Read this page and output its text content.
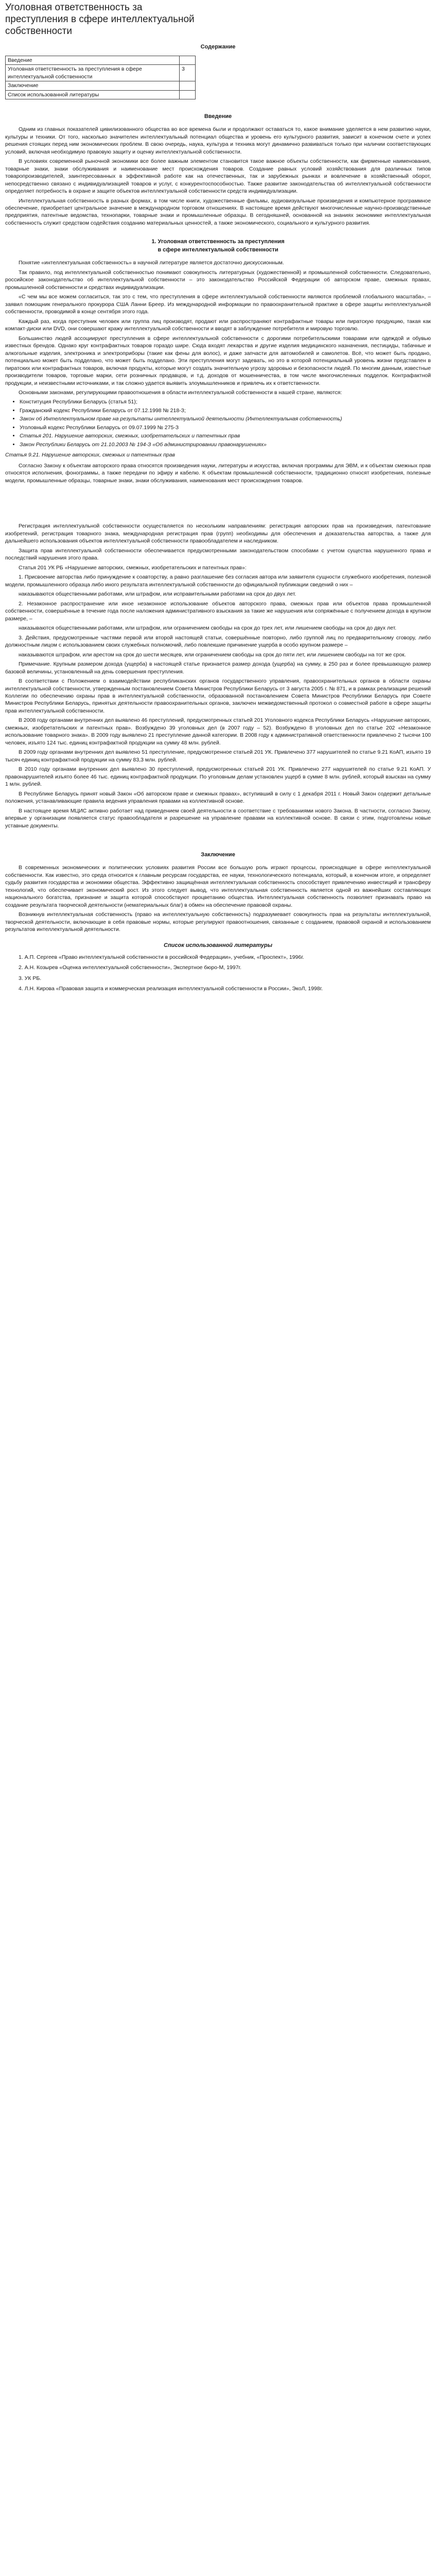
Уголовная ответственность за преступления в сфере интеллектуальной собственности
Содержание
Введение	
Уголовная ответственность за преступления в сфере интеллектуальной собственности	3
Заключение	
Список использованной литературы	
Введение

Одним из главных показателей цивилизованного общества во все времена были и продолжают оставаться то, какое внимание уделяется в нем развитию науки, культуры и техники. От того, насколько значителен интеллектуальный потенциал общества и уровень его культурного развития, зависит в конечном счете и успех решения стоящих перед ним экономических проблем. В свою очередь, наука, культура и техника могут динамично развиваться только при наличии соответствующих условий, включая необходимую правовую защиту и оценку интеллектуальной собственности.

В условиях современной рыночной экономики все более важным элементом становится такое важное объекты собственности, как фирменные наименования, товарные знаки, знаки обслуживания и наименование мест происхождения товаров. Создание равных условий хозяйствования для различных типов товаропроизводителей, заинтересованных в эффективной работе как на отечественных, так и зарубежных рынках и вовлечение в хозяйственный оборот, непосредственно связано с индивидуализацией товаров и услуг, с конкурентоспособностью. Также развитие законодательства об интеллектуальной собственности определяет потребность в охране и защите объектов интеллектуальной собственности средств индивидуализации.

Интеллектуальная собственность в разных формах, в том числе книги, художественные фильмы, аудиовизуальные произведения и компьютерное программное обеспечение, приобретает центральное значение в международном торговом отношениях. В настоящее время действуют многочисленные научно-производственные предприятия, патентные ведомства, технопарки, товарные знаки и промышленные образцы. В сегодняшней, основанной на знаниях экономике интеллектуальная собственность служит средством содействия созданию материальных ценностей, а также экономического, социального и культурного развития.

1. Уголовная ответственность за преступления
в сфере интеллектуальной собственности

Понятие «интеллектуальная собственность» в научной литературе является достаточно дискуссионным.

Так правило, под интеллектуальной собственностью понимают совокупность литературных (художественной) и промышленной собственности. Следовательно, российское законодательство об интеллектуальной собственности – это законодательство Российской Федерации об авторском праве, смежных правах, промышленной собственности и средствах индивидуализации.

«С чем мы все можем согласиться, так это с тем, что преступления в сфере интеллектуальной собственности являются проблемой глобального масштаба», – заявил помощник генерального прокурора США Ланни Бреер. Из международной информации по правоохранительной практике в сфере защиты интеллектуальной собственности, проводимой в конце сентября этого года.

Каждый раз, когда преступник человек или группа лиц производят, продают или распространяют контрафактные товары или пиратскую продукцию, такая как компакт-диски или DVD, они совершают кражу интеллектуальной собственности и вводят в заблуждение потребителя и мировую торговлю.

Большинство людей ассоциируют преступления в сфере интеллектуальной собственности с дорогими потребительскими товарами или одеждой и обувью известных брендов. Однако круг контрафактных товаров гораздо шире. Сюда входят лекарства и другие изделия медицинского назначения, пестициды, табачные и алкогольные изделия, электроника и электроприборы (такие как фены для волос), и даже запчасти для автомобилей и самолетов. Всё, что может быть продано, потенциально может быть подделано, что может быть подделано. Эти преступления могут задевать, но это в которой потенциальный уровень жизни представлен в пиратских или контрафактных товаров, включая продукты, которые могут создать значительную угрозу здоровью и безопасности людей. По многим данным, известные производители товаров, торговые марки, сети розничных продавцов, и т.д. доходов от мошенничества, в том числе многочисленных подделок. Контрафактной продукции, и неизвестными источниками, и так сложно удается выявить злоумышленников и привлечь их к ответственности.

Основными законами, регулирующими правоотношения в области интеллектуальной собственности в нашей стране, являются:

• Конституция Республики Беларусь (статья 51);
• Гражданский кодекс Республики Беларусь от 07.12.1998 № 218-З;
• Закон об Интеллектуальном праве на результаты интеллектуальной деятельности (Интеллектуальная собственность)
• Уголовный кодекс Республики Беларусь от 09.07.1999 № 275-З
• Статья 201. Нарушение авторских, смежных, изобретательских и патентных прав
• Закон Республики Беларусь от 21.10.2003 № 194-З «Об администрировании правонарушениях»
Статья 9.21. Нарушение авторских, смежных и патентных прав

Согласно Закону к объектам авторского права относятся произведения науки, литературы и искусства, включая программы для ЭВМ, и к объектам смежных прав относятся исполнения, фонограммы, а также передачи по эфиру и кабелю. К объектам промышленной собственности, традиционно относят изобретения, полезные модели, промышленные образцы, товарные знаки, знаки обслуживания, наименования мест происхождения товаров.

Регистрация интеллектуальной собственности осуществляется по нескольким направлениям: регистрация авторских прав на произведения, патентование изобретений, регистрация товарного знака, международная регистрация прав (групп) необходимы для обеспечения и доказательства авторства, а также для дальнейшего использования объектов интеллектуальной собственности правообладателем и наследником.

Защита прав интеллектуальной собственности обеспечивается предусмотренными законодательством способами с учетом существа нарушенного права и последствий нарушения этого права.

Статья 201 УК РБ «Нарушение авторских, смежных, изобретательских и патентных прав»:

1. Присвоение авторства либо принуждение к соавторству, а равно разглашение без согласия автора или заявителя сущности служебного изобретения, полезной модели, промышленного образца либо иного результата интеллектуальной собственности до официальной публикации сведений о них –

наказываются общественными работами, или штрафом, или исправительными работами на срок до двух лет.

2. Незаконное распространение или иное незаконное использование объектов авторского права, смежных прав или объектов права промышленной собственности, совершённые в течение года после наложения административного взыскания за такие же нарушения или сопряжённые с получением дохода в крупном размере, –

наказываются общественными работами, или штрафом, или ограничением свободы на срок до трех лет, или лишением свободы на срок до двух лет.

3. Действия, предусмотренные частями первой или второй настоящей статьи, совершённые повторно, либо группой лиц по предварительному сговору, либо должностным лицом с использованием своих служебных полномочий, либо повлекшие причинение ущерба в особо крупном размере –

наказываются штрафом, или арестом на срок до шести месяцев, или ограничением свободы на срок до пяти лет, или лишением свободы на тот же срок.

Примечание. Крупным размером дохода (ущерба) в настоящей статье признается размер дохода (ущерба) на сумму, в 250 раз и более превышающую размер базовой величины, установленный на день совершения преступления.

В соответствии с Положением о взаимодействии республиканских органов государственного управления, правоохранительных органов в области охраны интеллектуальной собственности, утвержденным постановлением Совета Министров Республики Беларусь от 3 августа 2005 г. № 871, и в рамках реализации решений Коллегии по обеспечению охраны прав в интеллектуальной собственности, образованной постановлением Совета Министров Республики Беларусь при Совете Министров Республики Беларусь, принятых деятельности правоохранительных органов, заключен межведомственный протокол о совместной работе в сфере защиты прав интеллектуальной собственности.

В 2008 году органами внутренних дел выявлено 46 преступлений, предусмотренных статьей 201 Уголовного кодекса Республики Беларусь «Нарушение авторских, смежных, изобретательских и патентных прав». Возбуждено 39 уголовных дел (в 2007 году – 52). Возбуждено 8 уголовных дел по статье 202 «Незаконное использование товарного знака». В 2009 году выявлено 21 преступление данной категории. В 2008 году к административной ответственности привлечено 2 тысячи 100 человек, изъято 124 тыс. единиц контрафактной продукции на сумму 48 млн. рублей.

В 2009 году органами внутренних дел выявлено 51 преступление, предусмотренное статьей 201 УК. Привлечено 377 нарушителей по статье 9.21 КоАП, изъято 19 тысяч единиц контрафактной продукции на сумму 83,3 млн. рублей.

В 2010 году органами внутренних дел выявлено 30 преступлений, предусмотренных статьей 201 УК. Привлечено 277 нарушителей по статье 9.21 КоАП. У правонарушителей изъято более 46 тыс. единиц контрафактной продукции. По уголовным делам установлен ущерб в сумме 8 млн. рублей, который взыскан на сумму 1 млн. рублей.

В Республике Беларусь принят новый Закон «Об авторском праве и смежных правах», вступивший в силу с 1 декабря 2011 г. Новый Закон содержит детальные положения, устанавливающие правила ведения управления правами на коллективной основе.

В настоящее время МЦИС активно работает над приведением своей деятельности в соответствие с требованиями нового Закона. В частности, согласно Закону, впервые у организации появляется статус правообладателя и разрешение на управление правами на коллективной основе. В связи с этим, подготовлены новые уставные документы.

Заключение

В современных экономических и политических условиях развития России все большую роль играют процессы, происходящие в сфере интеллектуальной собственности. Как известно, это среда относится к главным ресурсам государства, ее науки, технологического потенциала, который, в конечном итоге, и определяет судьбу развития государства и экономики общества. Эффективно защищённая интеллектуальная собственность способствует привлечению инвестиций и трансферу технологий, что обеспечивает экономический рост. Из этого следует вывод, что интеллектуальная собственность является одной из важнейших составляющих национального богатства, признание и защита которой способствуют процветанию общества. Интеллектуальная собственность позволяет признавать право на создание результата творческой деятельности (нематериальных благ) в обмен на обеспечение правовой охраны.

Возникнув интеллектуальная собственность (право на интеллектуальную собственность) подразумевает совокупность прав на результаты интеллектуальной, творческой деятельности, включающие в себя правовые нормы, которые регулируют правоотношения, связанные с созданием, правовой охраной и использованием результатов интеллектуальной деятельности.

Список использованной литературы
1. А.П. Сергеев «Право интеллектуальной собственности в российской Федерации», учебник, «Проспект», 1996г.
2. А.Н. Козырев «Оценка интеллектуальной собственности», Экспертное бюро-М, 1997г.
3. УК РБ.
4. Л.Н. Кирова «Правовая защита и коммерческая реализация интеллектуальной собственности в России», ЭкоЛ, 1998г.
